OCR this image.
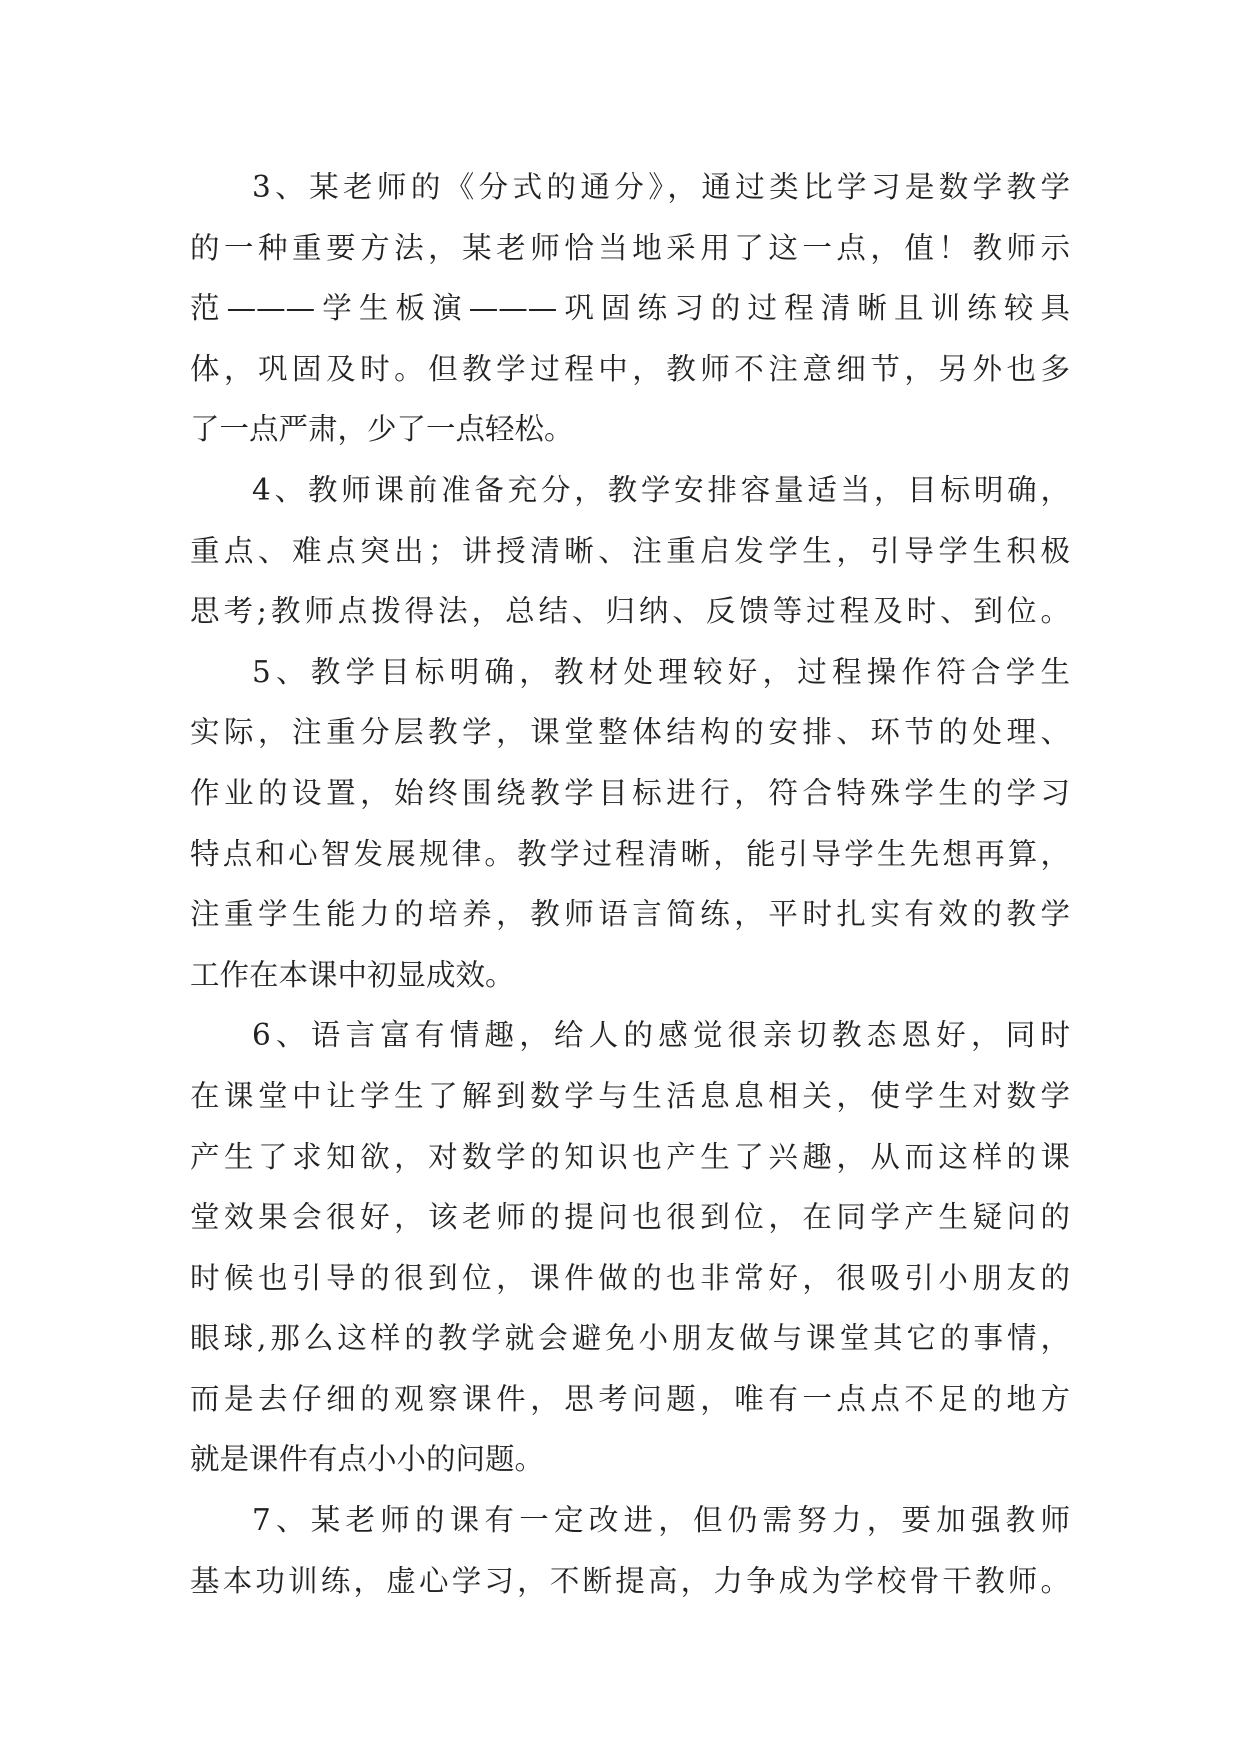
3、某老师的《分式的通分》，通过类比学习是数学教学
的一种重要方法，某老师恰当地采用了这一点，值！教师示
范———学生板演———巩固练习的过程清晰且训练较具
体，巩固及时。但教学过程中，教师不注意细节，另外也多
了一点严肃，少了一点轻松。
4、教师课前准备充分，教学安排容量适当，目标明确，
重点、难点突出；讲授清晰、注重启发学生，引导学生积极
思考;教师点拨得法，总结、归纳、反馈等过程及时、到位。
5、教学目标明确，教材处理较好，过程操作符合学生
实际，注重分层教学，课堂整体结构的安排、环节的处理、
作业的设置，始终围绕教学目标进行，符合特殊学生的学习
特点和心智发展规律。教学过程清晰，能引导学生先想再算，
注重学生能力的培养，教师语言简练，平时扎实有效的教学
工作在本课中初显成效。
6、语言富有情趣，给人的感觉很亲切教态恩好，同时
在课堂中让学生了解到数学与生活息息相关，使学生对数学
产生了求知欲，对数学的知识也产生了兴趣，从而这样的课
堂效果会很好，该老师的提问也很到位，在同学产生疑问的
时候也引导的很到位，课件做的也非常好，很吸引小朋友的
眼球,那么这样的教学就会避免小朋友做与课堂其它的事情，
而是去仔细的观察课件，思考问题，唯有一点点不足的地方
就是课件有点小小的问题。
7、某老师的课有一定改进，但仍需努力，要加强教师
基本功训练，虚心学习，不断提高，力争成为学校骨干教师。
